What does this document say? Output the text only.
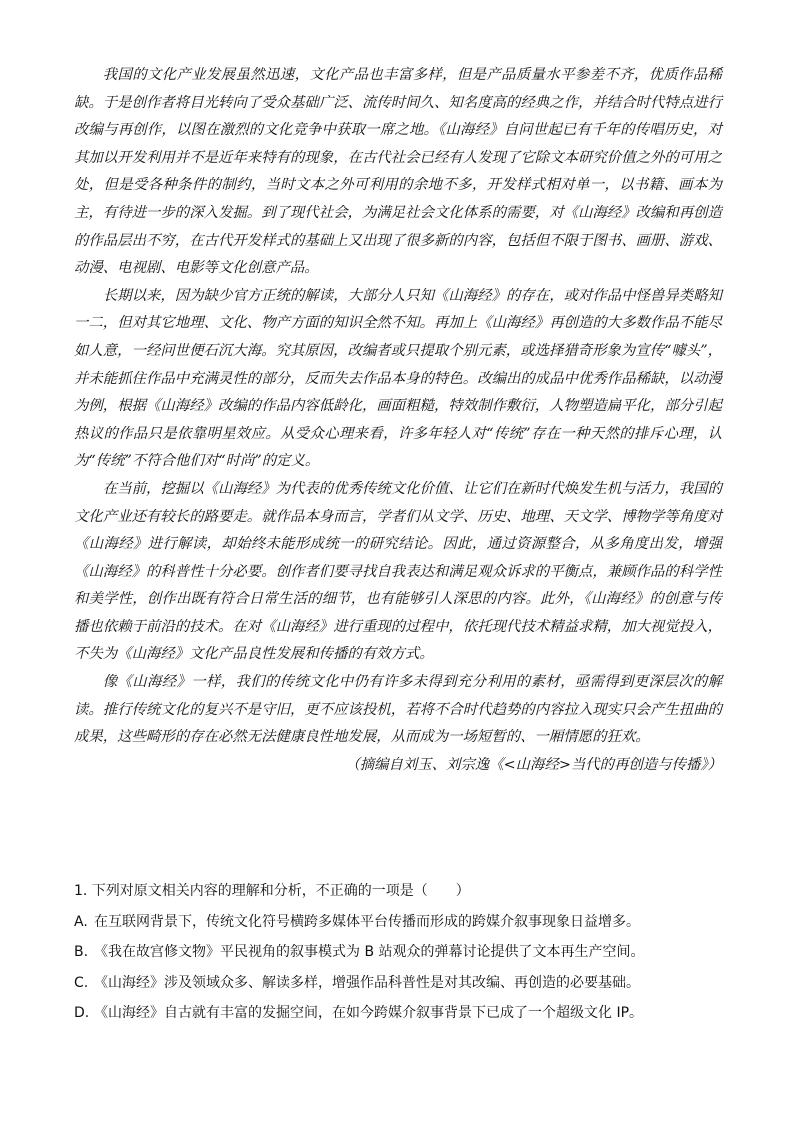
我国的文化产业发展虽然迅速，文化产品也丰富多样，但是产品质量水平参差不齐，优质作品稀缺。于是创作者将目光转向了受众基础广泛、流传时间久、知名度高的经典之作，并结合时代特点进行改编与再创作，以图在激烈的文化竞争中获取一席之地。《山海经》自问世起已有千年的传唱历史，对其加以开发利用并不是近年来特有的现象，在古代社会已经有人发现了它除文本研究价值之外的可用之处，但是受各种条件的制约，当时文本之外可利用的余地不多，开发样式相对单一，以书籍、画本为主，有待进一步的深入发掘。到了现代社会，为满足社会文化体系的需要，对《山海经》改编和再创造的作品层出不穷，在古代开发样式的基础上又出现了很多新的内容，包括但不限于图书、画册、游戏、动漫、电视剧、电影等文化创意产品。

长期以来，因为缺少官方正统的解读，大部分人只知《山海经》的存在，或对作品中怪兽异类略知一二，但对其它地理、文化、物产方面的知识全然不知。再加上《山海经》再创造的大多数作品不能尽如人意，一经问世便石沉大海。究其原因，改编者或只提取个别元素，或选择猎奇形象为宣传“噱头”，并未能抓住作品中充满灵性的部分，反而失去作品本身的特色。改编出的成品中优秀作品稀缺，以动漫为例，根据《山海经》改编的作品内容低龄化，画面粗糙，特效制作敷衍，人物塑造扁平化，部分引起热议的作品只是依靠明星效应。从受众心理来看，许多年轻人对“传统”存在一种天然的排斥心理，认为“传统”不符合他们对“时尚”的定义。

在当前，挖掘以《山海经》为代表的优秀传统文化价值、让它们在新时代焕发生机与活力，我国的文化产业还有较长的路要走。就作品本身而言，学者们从文学、历史、地理、天文学、博物学等角度对《山海经》进行解读，却始终未能形成统一的研究结论。因此，通过资源整合，从多角度出发，增强《山海经》的科普性十分必要。创作者们要寻找自我表达和满足观众诉求的平衡点，兼顾作品的科学性和美学性，创作出既有符合日常生活的细节，也有能够引人深思的内容。此外，《山海经》的创意与传播也依赖于前沿的技术。在对《山海经》进行重现的过程中，依托现代技术精益求精，加大视觉投入，不失为《山海经》文化产品良性发展和传播的有效方式。

像《山海经》一样，我们的传统文化中仍有许多未得到充分利用的素材，亟需得到更深层次的解读。推行传统文化的复兴不是守旧，更不应该投机，若将不合时代趋势的内容拉入现实只会产生扭曲的成果，这些畸形的存在必然无法健康良性地发展，从而成为一场短暂的、一厢情愿的狂欢。

（摘编自刘玉、刘宗逸《<山海经>当代的再创造与传播》）

1. 下列对原文相关内容的理解和分析，不正确的一项是（　　）

A. 在互联网背景下，传统文化符号横跨多媒体平台传播而形成的跨媒介叙事现象日益增多。

B. 《我在故宫修文物》平民视角的叙事模式为 B 站观众的弹幕讨论提供了文本再生产空间。

C. 《山海经》涉及领域众多、解读多样，增强作品科普性是对其改编、再创造的必要基础。

D. 《山海经》自古就有丰富的发掘空间，在如今跨媒介叙事背景下已成了一个超级文化 IP。
